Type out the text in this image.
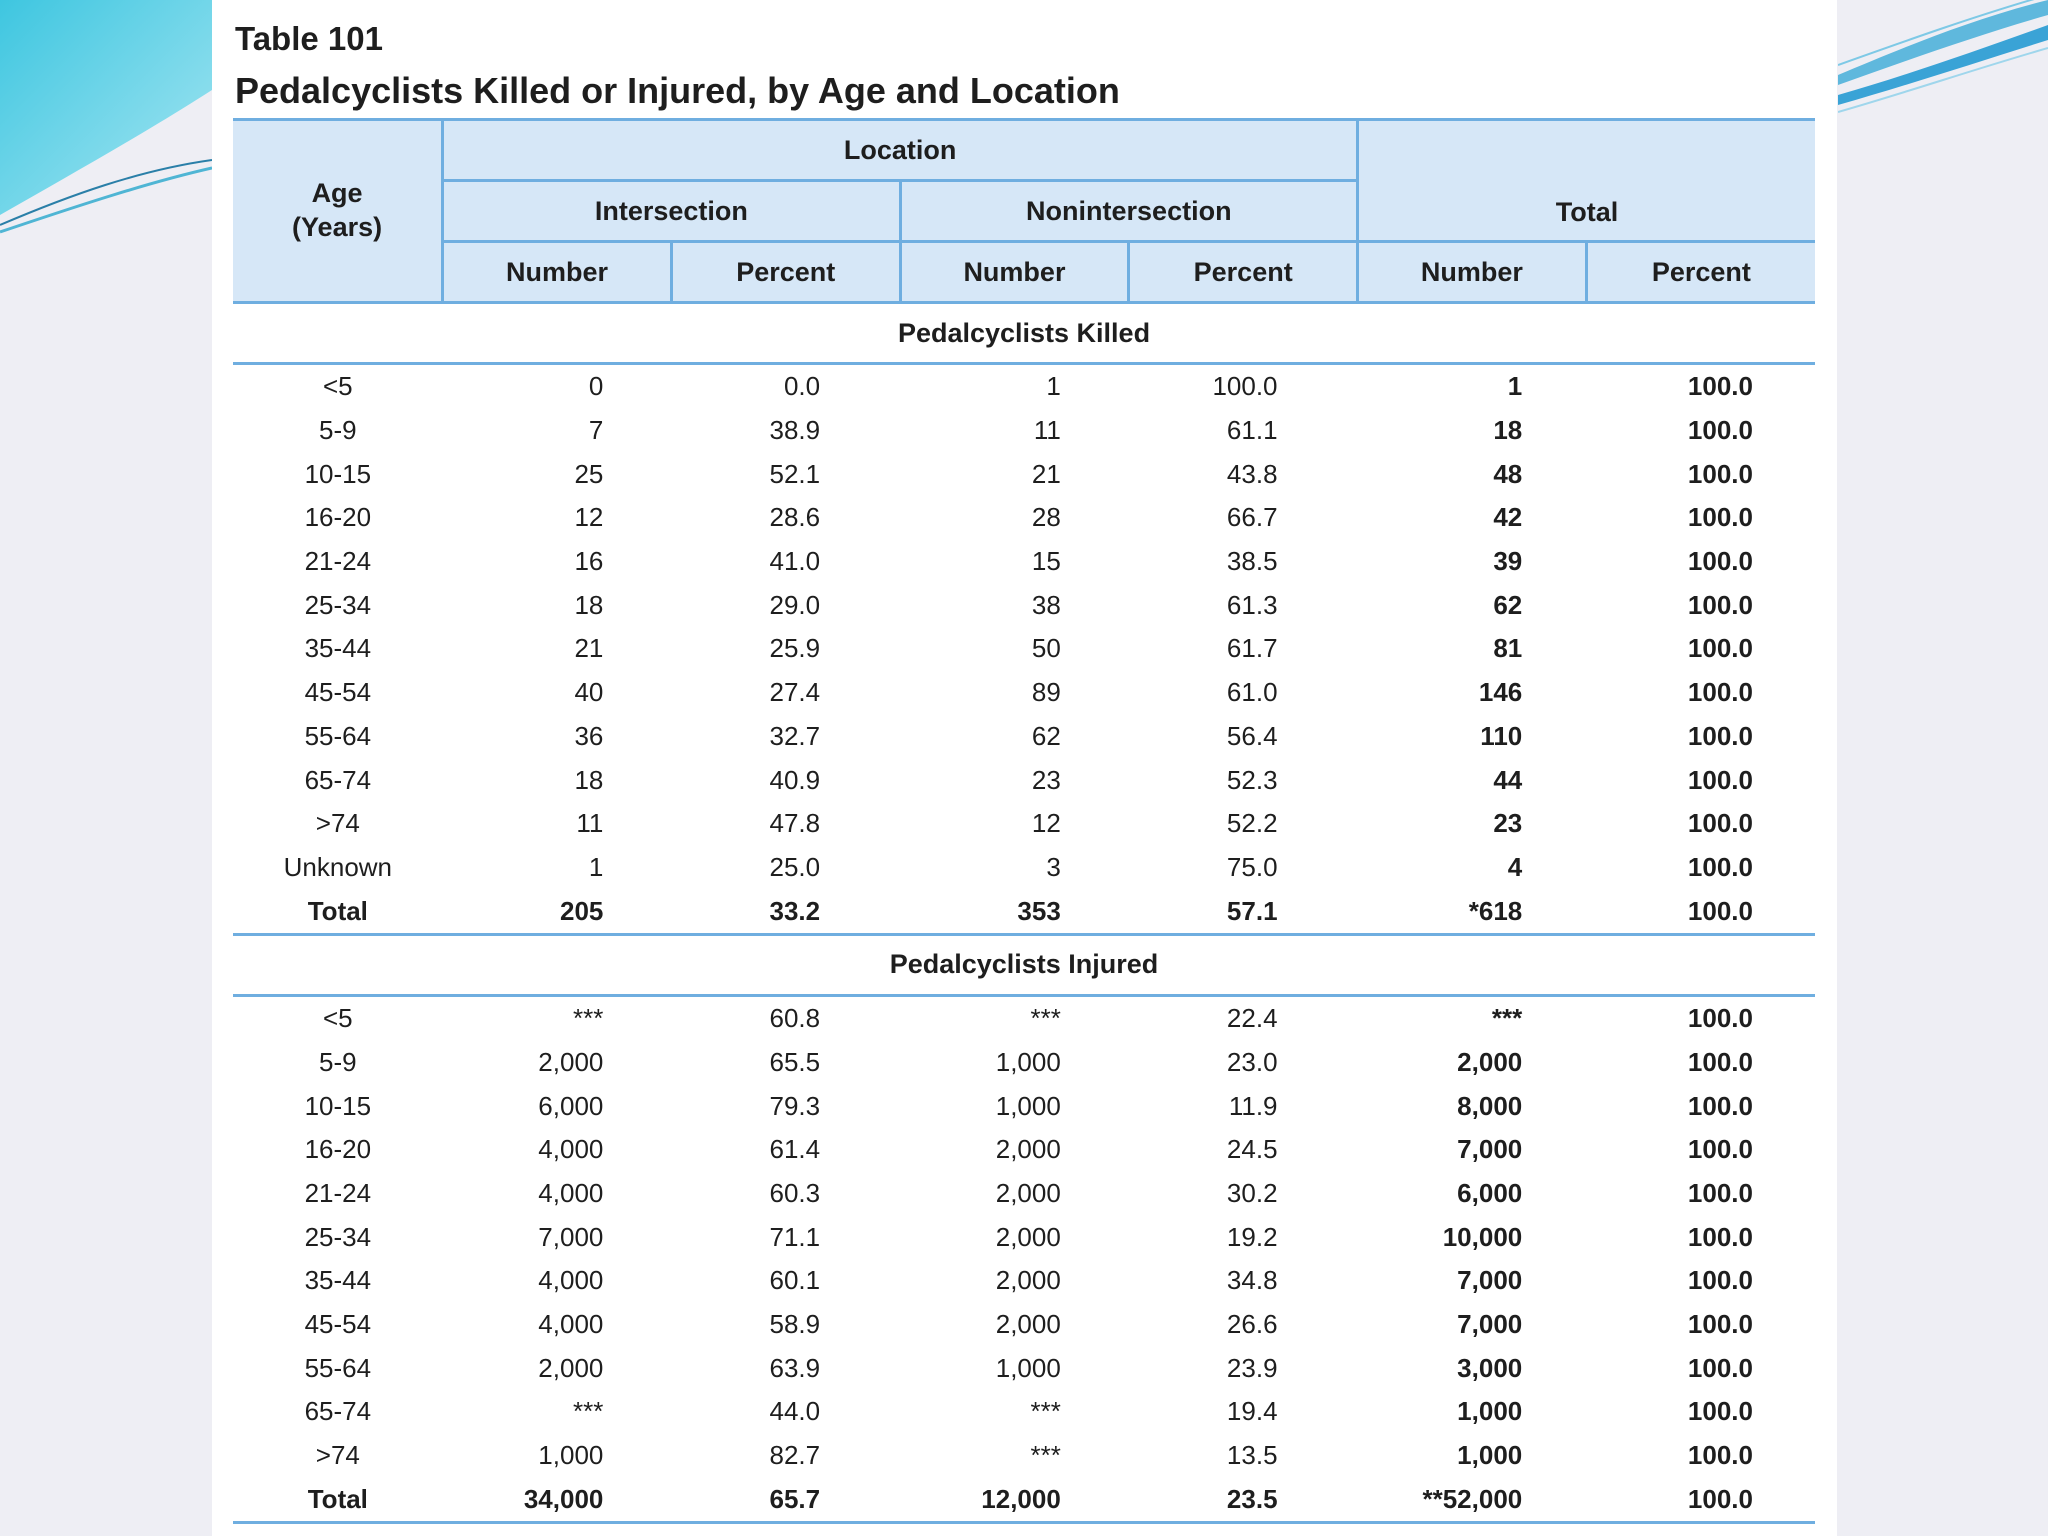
Table 101
Pedalcyclists Killed or Injured, by Age and Location
Age
(Years)	Location				Total	
	Intersection		Nonintersection			
	Number	Percent	Number	Percent	Number	Percent
Pedalcyclists Killed						
<5	0	0.0	1	100.0	1	100.0
5-9	7	38.9	11	61.1	18	100.0
10-15	25	52.1	21	43.8	48	100.0
16-20	12	28.6	28	66.7	42	100.0
21-24	16	41.0	15	38.5	39	100.0
25-34	18	29.0	38	61.3	62	100.0
35-44	21	25.9	50	61.7	81	100.0
45-54	40	27.4	89	61.0	146	100.0
55-64	36	32.7	62	56.4	110	100.0
65-74	18	40.9	23	52.3	44	100.0
>74	11	47.8	12	52.2	23	100.0
Unknown	1	25.0	3	75.0	4	100.0
Total	205	33.2	353	57.1	*618	100.0
Pedalcyclists Injured						
<5	***	60.8	***	22.4	***	100.0
5-9	2,000	65.5	1,000	23.0	2,000	100.0
10-15	6,000	79.3	1,000	11.9	8,000	100.0
16-20	4,000	61.4	2,000	24.5	7,000	100.0
21-24	4,000	60.3	2,000	30.2	6,000	100.0
25-34	7,000	71.1	2,000	19.2	10,000	100.0
35-44	4,000	60.1	2,000	34.8	7,000	100.0
45-54	4,000	58.9	2,000	26.6	7,000	100.0
55-64	2,000	63.9	1,000	23.9	3,000	100.0
65-74	***	44.0	***	19.4	1,000	100.0
>74	1,000	82.7	***	13.5	1,000	100.0
Total	34,000	65.7	12,000	23.5	**52,000	100.0
